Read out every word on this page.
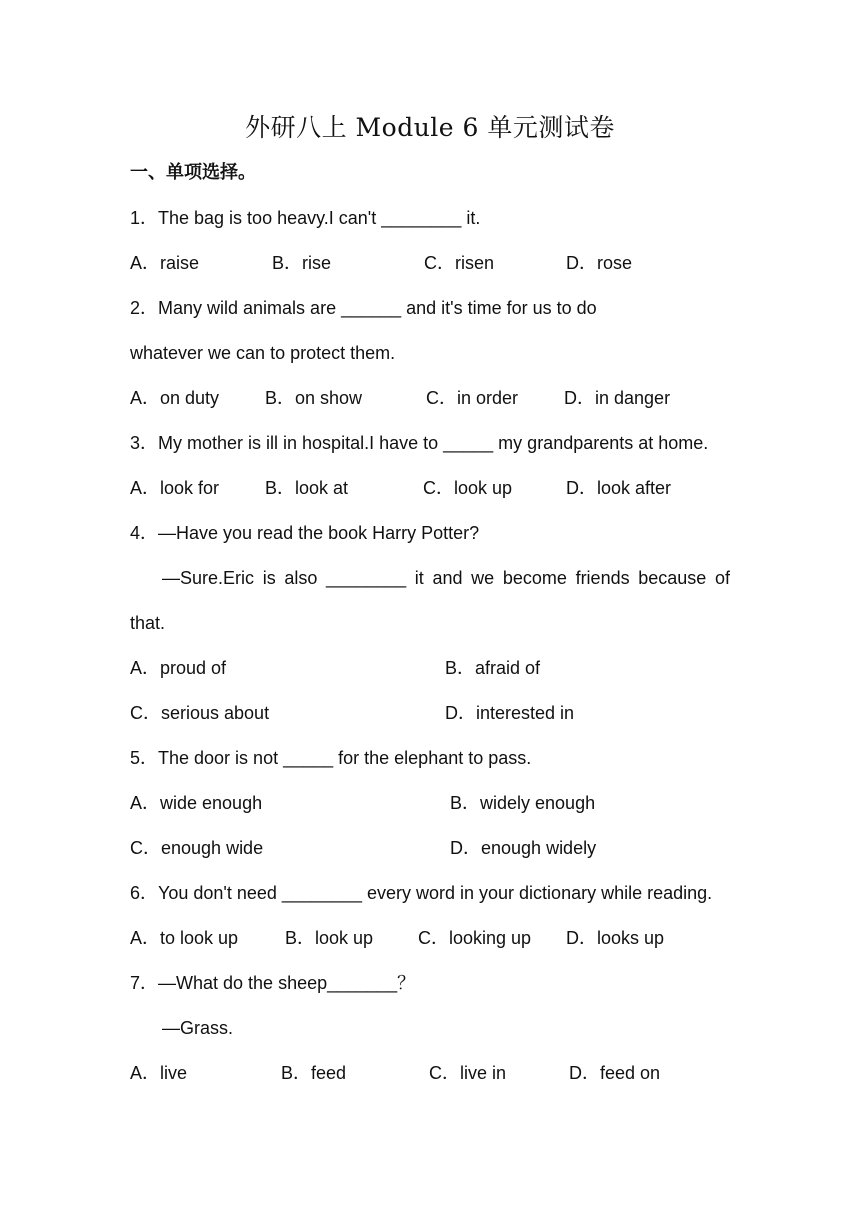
外研八上 Module 6 单元测试卷
一、单项选择。
1．The bag is too heavy.I can't ________ it.
A．raise	B．rise	C．risen	D．rose
2．Many wild animals are ______ and it's time for us to do
whatever we can to protect them.
A．on duty	B．on show	C．in order	D．in danger
3．My mother is ill in hospital.I have to _____ my grandparents at home.
A．look for	B．look at	C．look up	D．look after
4．—Have you read the book Harry Potter?
—Sure.Eric is also ________ it and we become friends because of
that.
A．proud of	B．afraid of
C．serious about	D．interested in
5．The door is not _____ for the elephant to pass.
A．wide enough	B．widely enough
C．enough wide	D．enough widely
6．You don't need ________ every word in your dictionary while reading.
A．to look up	B．look up C．looking up D．looks up
7．—What do the sheep_______？
—Grass.
A．live	B．feed	C．live in	D．feed on
